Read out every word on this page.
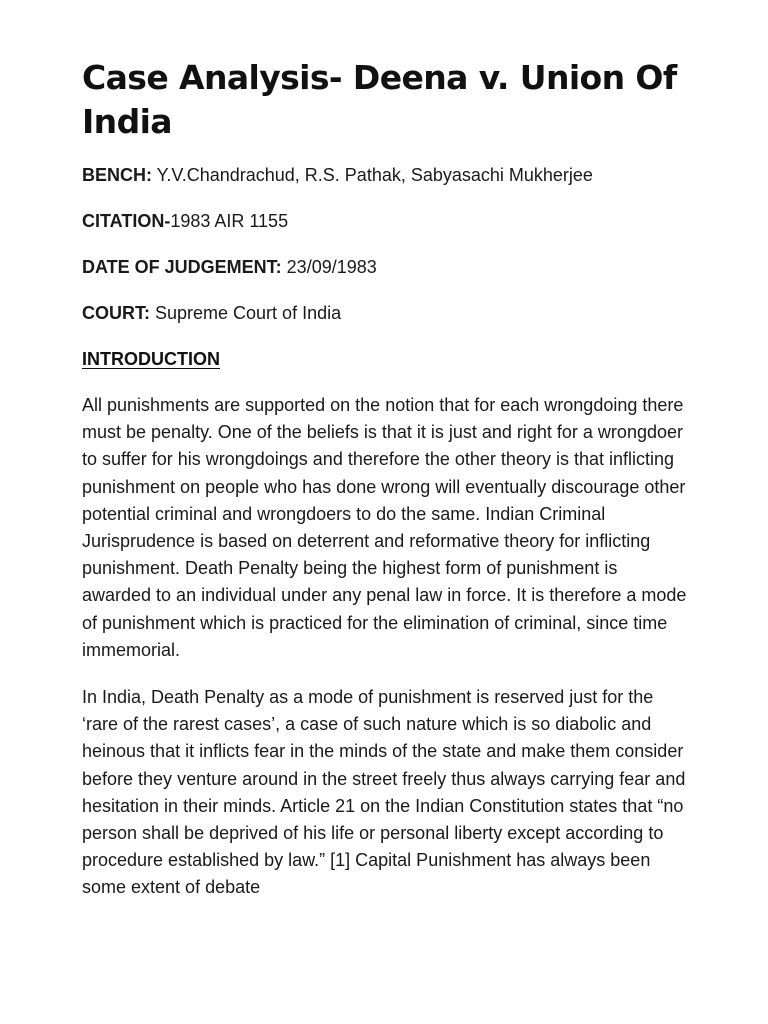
Case Analysis- Deena v. Union Of India

BENCH: Y.V.Chandrachud, R.S. Pathak, Sabyasachi Mukherjee

CITATION-1983 AIR 1155

DATE OF JUDGEMENT: 23/09/1983

COURT: Supreme Court of India

INTRODUCTION

All punishments are supported on the notion that for each wrongdoing there must be penalty. One of the beliefs is that it is just and right for a wrongdoer to suffer for his wrongdoings and therefore the other theory is that inflicting punishment on people who has done wrong will eventually discourage other potential criminal and wrongdoers to do the same. Indian Criminal Jurisprudence is based on deterrent and reformative theory for inflicting punishment. Death Penalty being the highest form of punishment is awarded to an individual under any penal law in force. It is therefore a mode of punishment which is practiced for the elimination of criminal, since time immemorial.

In India, Death Penalty as a mode of punishment is reserved just for the ‘rare of the rarest cases’, a case of such nature which is so diabolic and heinous that it inflicts fear in the minds of the state and make them consider before they venture around in the street freely thus always carrying fear and hesitation in their minds. Article 21 on the Indian Constitution states that “no person shall be deprived of his life or personal liberty except according to procedure established by law.” [1] Capital Punishment has always been some extent of debate
